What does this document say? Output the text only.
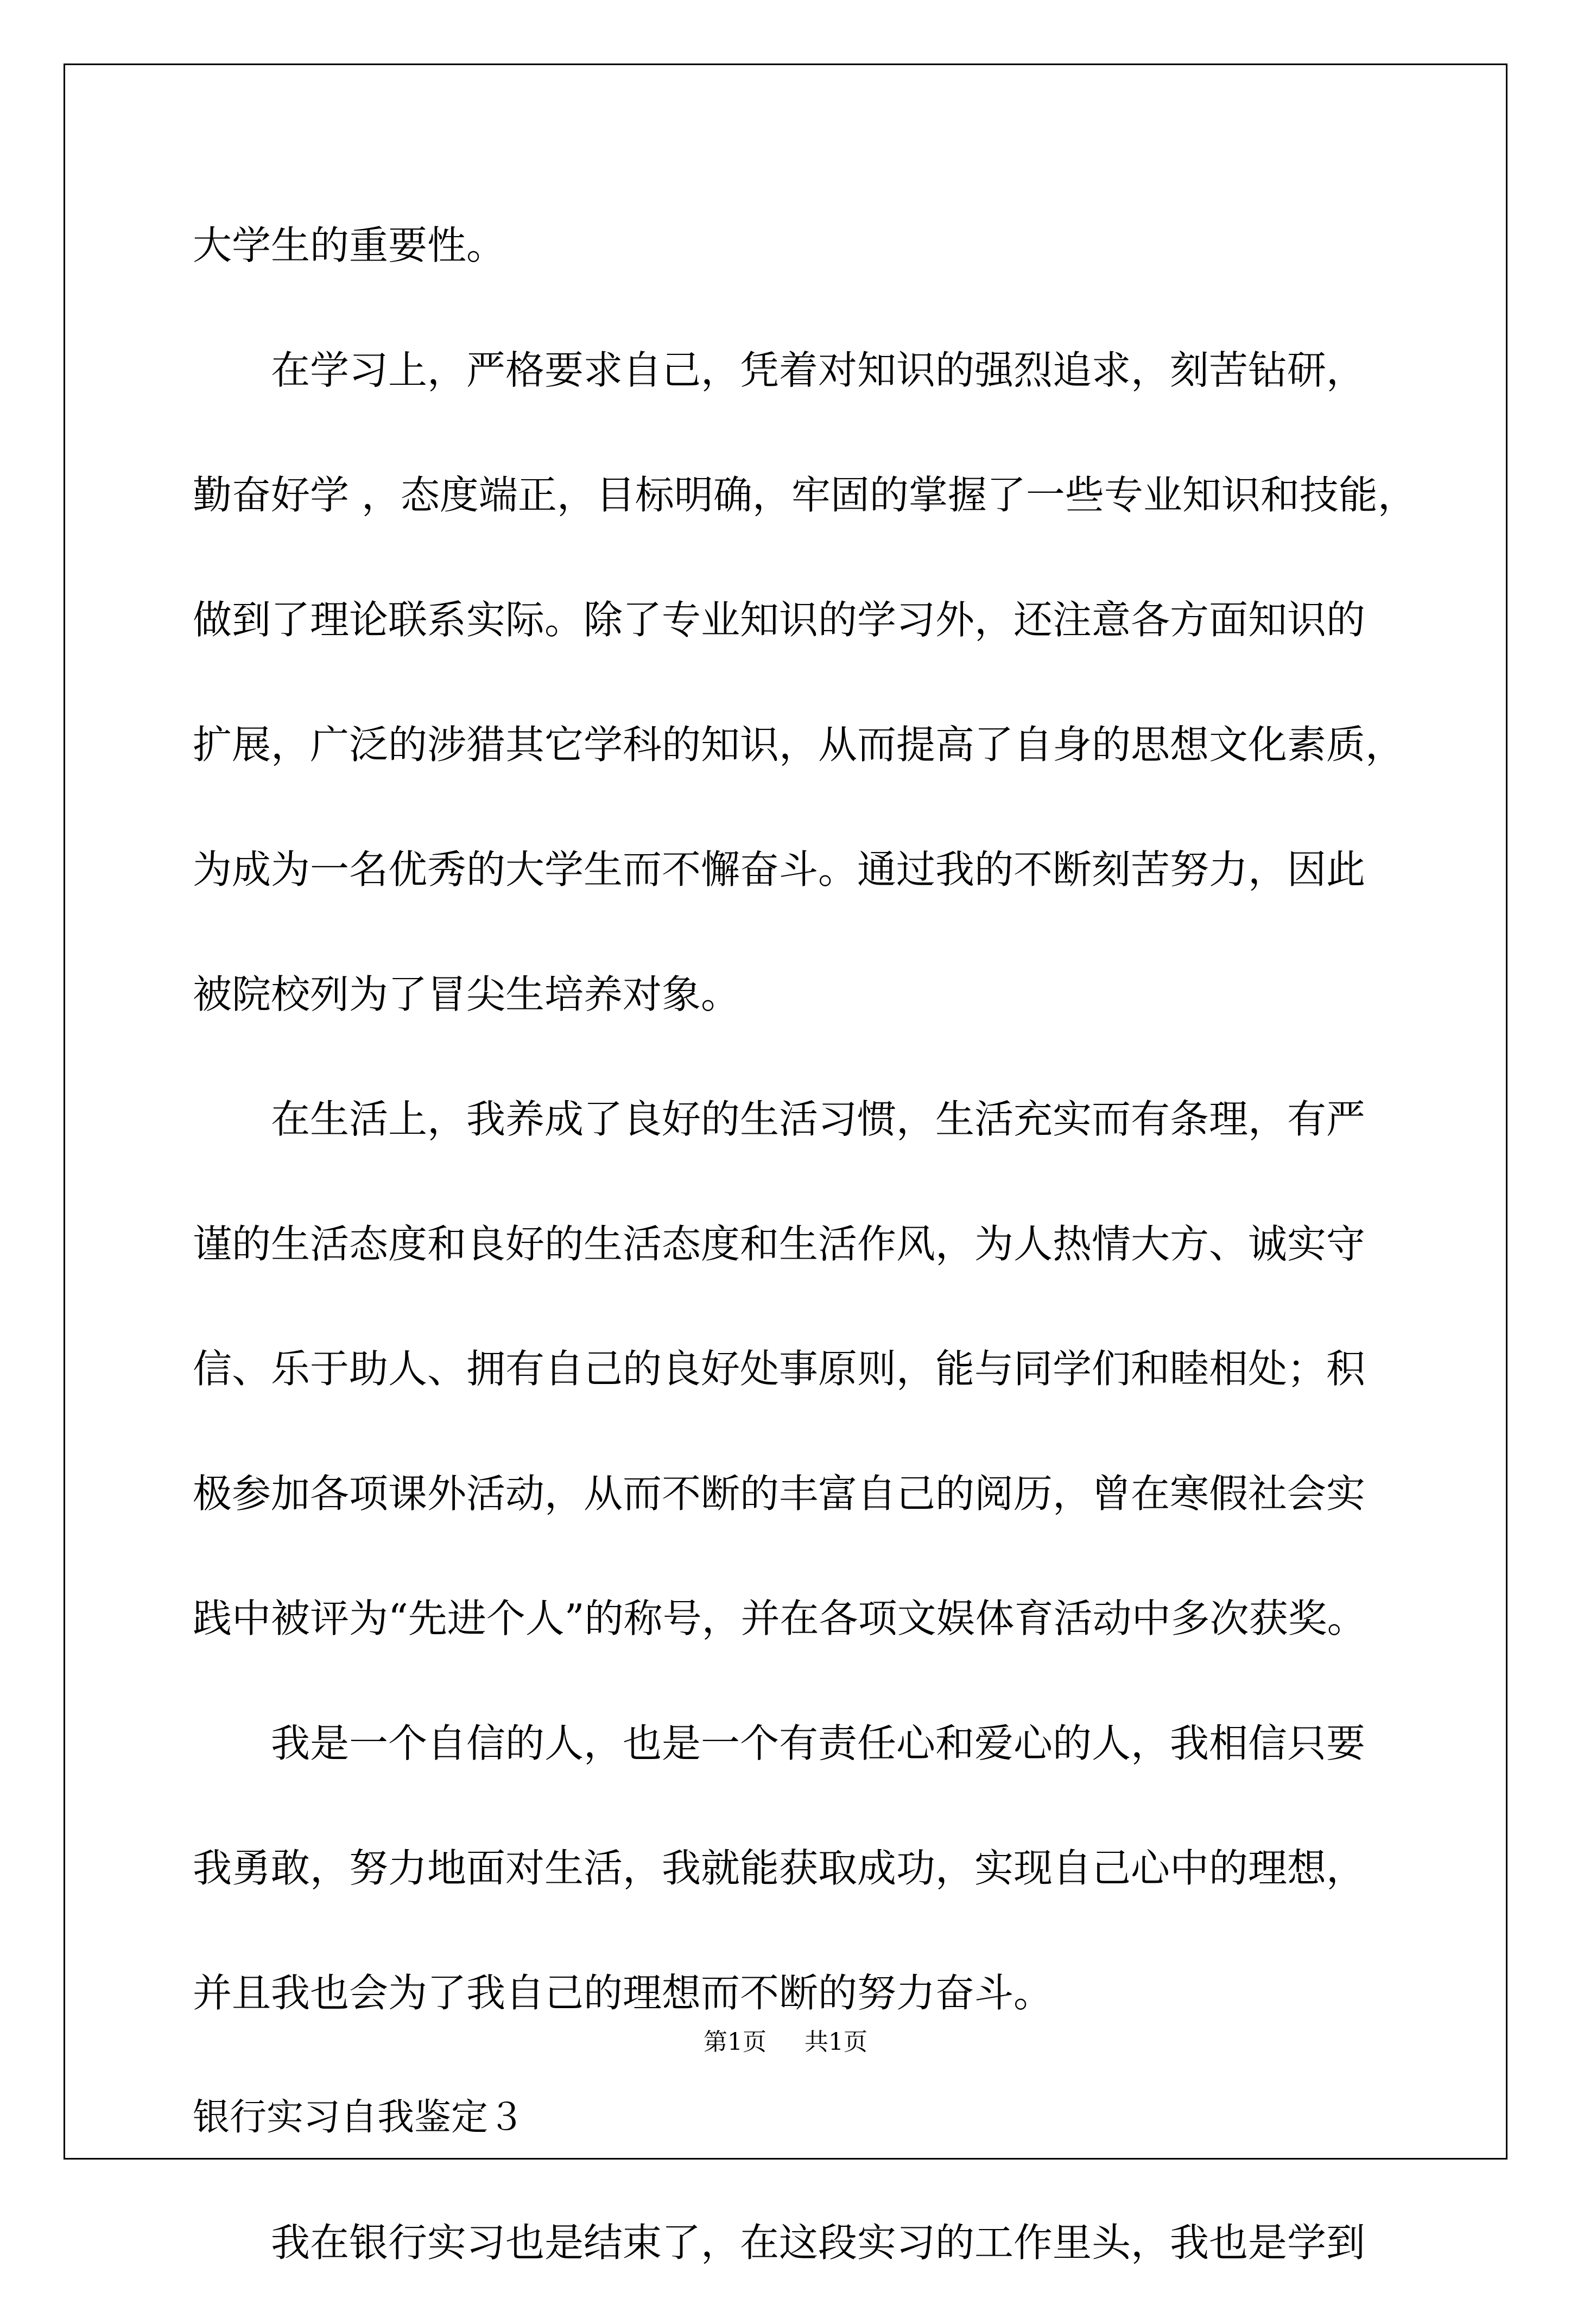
大学生的重要性。
在学习上，严格要求自己，凭着对知识的强烈追求，刻苦钻研，
勤奋好学 ，态度端正，目标明确，牢固的掌握了一些专业知识和技能，
做到了理论联系实际。除了专业知识的学习外，还注意各方面知识的
扩展，广泛的涉猎其它学科的知识，从而提高了自身的思想文化素质，
为成为一名优秀的大学生而不懈奋斗。通过我的不断刻苦努力，因此
被院校列为了冒尖生培养对象。
在生活上，我养成了良好的生活习惯，生活充实而有条理，有严
谨的生活态度和良好的生活态度和生活作风，为人热情大方、诚实守
信、乐于助人、拥有自己的良好处事原则，能与同学们和睦相处；积
极参加各项课外活动，从而不断的丰富自己的阅历，曾在寒假社会实
践中被评为“先进个人”的称号，并在各项文娱体育活动中多次获奖。
我是一个自信的人，也是一个有责任心和爱心的人，我相信只要
我勇敢，努力地面对生活，我就能获取成功，实现自己心中的理想，
并且我也会为了我自己的理想而不断的努力奋斗。
银行实习自我鉴定３
我在银行实习也是结束了，在这段实习的工作里头，我也是学到
第1页 共1页
